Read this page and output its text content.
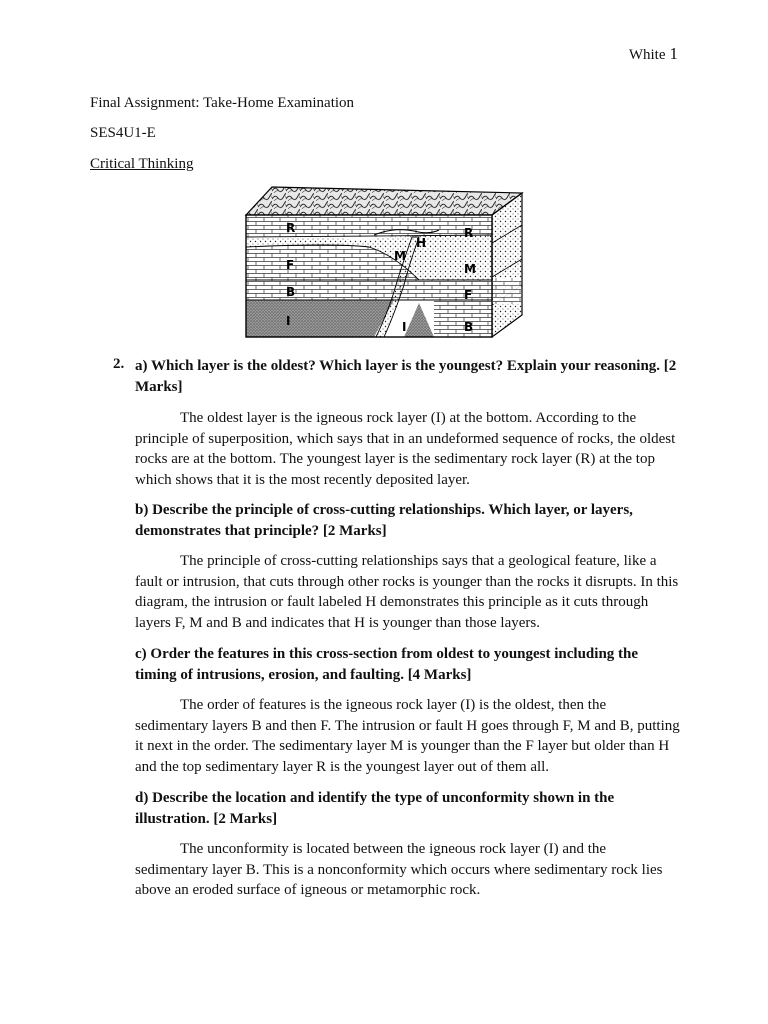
White 1
Final Assignment: Take-Home Examination
SES4U1-E
Critical Thinking
R	R
H
M
M
F
F
B
B
I	I
2. a) Which layer is the oldest? Which layer is the youngest? Explain your reasoning. [2 Marks]
The oldest layer is the igneous rock layer (I) at the bottom. According to the principle of superposition, which says that in an undeformed sequence of rocks, the oldest rocks are at the bottom. The youngest layer is the sedimentary rock layer (R) at the top which shows that it is the most recently deposited layer.
b) Describe the principle of cross-cutting relationships. Which layer, or layers, demonstrates that principle? [2 Marks]
The principle of cross-cutting relationships says that a geological feature, like a fault or intrusion, that cuts through other rocks is younger than the rocks it disrupts. In this diagram, the intrusion or fault labeled H demonstrates this principle as it cuts through layers F, M and B and indicates that H is younger than those layers.
c) Order the features in this cross-section from oldest to youngest including the timing of intrusions, erosion, and faulting. [4 Marks]
The order of features is the igneous rock layer (I) is the oldest, then the sedimentary layers B and then F. The intrusion or fault H goes through F, M and B, putting it next in the order. The sedimentary layer M is younger than the F layer but older than H and the top sedimentary layer R is the youngest layer out of them all.
d) Describe the location and identify the type of unconformity shown in the illustration. [2 Marks]
The unconformity is located between the igneous rock layer (I) and the sedimentary layer B. This is a nonconformity which occurs where sedimentary rock lies above an eroded surface of igneous or metamorphic rock.
